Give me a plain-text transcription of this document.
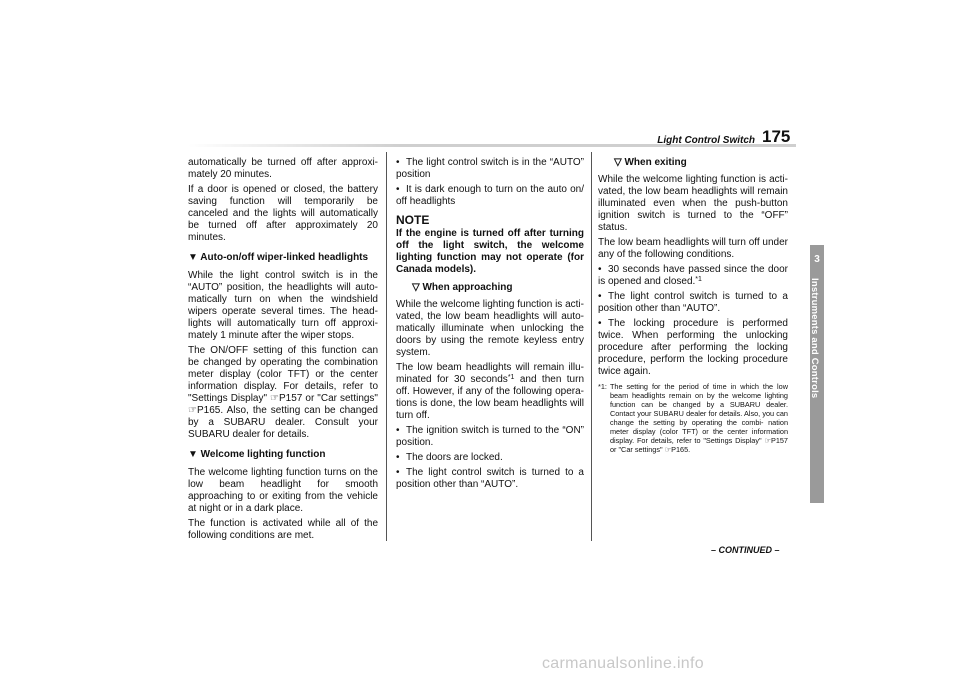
Light Control Switch 175

automatically be turned off after approxi- mately 20 minutes.

If a door is opened or closed, the battery saving function will temporarily be canceled and the lights will automatically be turned off after approximately 20 minutes.

▼ Auto-on/off wiper-linked headlights

While the light control switch is in the “AUTO” position, the headlights will auto- matically turn on when the windshield wipers operate several times. The head- lights will automatically turn off approxi- mately 1 minute after the wiper stops.

The ON/OFF setting of this function can be changed by operating the combination meter display (color TFT) or the center information display. For details, refer to "Settings Display" ☞P157 or "Car settings" ☞P165. Also, the setting can be changed by a SUBARU dealer. Consult your SUBARU dealer for details.

▼ Welcome lighting function

The welcome lighting function turns on the low beam headlight for smooth approaching to or exiting from the vehicle at night or in a dark place.

The function is activated while all of the following conditions are met.

• The light control switch is in the “AUTO” position

• It is dark enough to turn on the auto on/ off headlights

NOTE
If the engine is turned off after turning off the light switch, the welcome lighting function may not operate (for Canada models).
▽ When approaching

While the welcome lighting function is acti- vated, the low beam headlights will auto- matically illuminate when unlocking the doors by using the remote keyless entry system.

The low beam headlights will remain illu- minated for 30 seconds$^{*1}$ and then turn off. However, if any of the following opera- tions is done, the low beam headlights will turn off.

• The ignition switch is turned to the “ON” position.

• The doors are locked.

• The light control switch is turned to a position other than “AUTO”.

▽ When exiting

While the welcome lighting function is acti- vated, the low beam headlights will remain illuminated even when the push-button ignition switch is turned to the “OFF” status.

The low beam headlights will turn off under any of the following conditions.

• 30 seconds have passed since the door is opened and closed.$^{*1}$

• The light control switch is turned to a position other than “AUTO”.

• The locking procedure is performed twice. When performing the unlocking procedure after performing the locking procedure, perform the locking procedure twice again.

*1: The setting for the period of time in which the low beam headlights remain on by the welcome lighting function can be changed by a SUBARU dealer. Contact your SUBARU dealer for details. Also, you can change the setting by operating the combi- nation meter display (color TFT) or the center information display. For details, refer to "Settings Display" ☞P157 or "Car settings" ☞P165.
3
Instruments and Controls
– CONTINUED –
carmanualsonline.info
